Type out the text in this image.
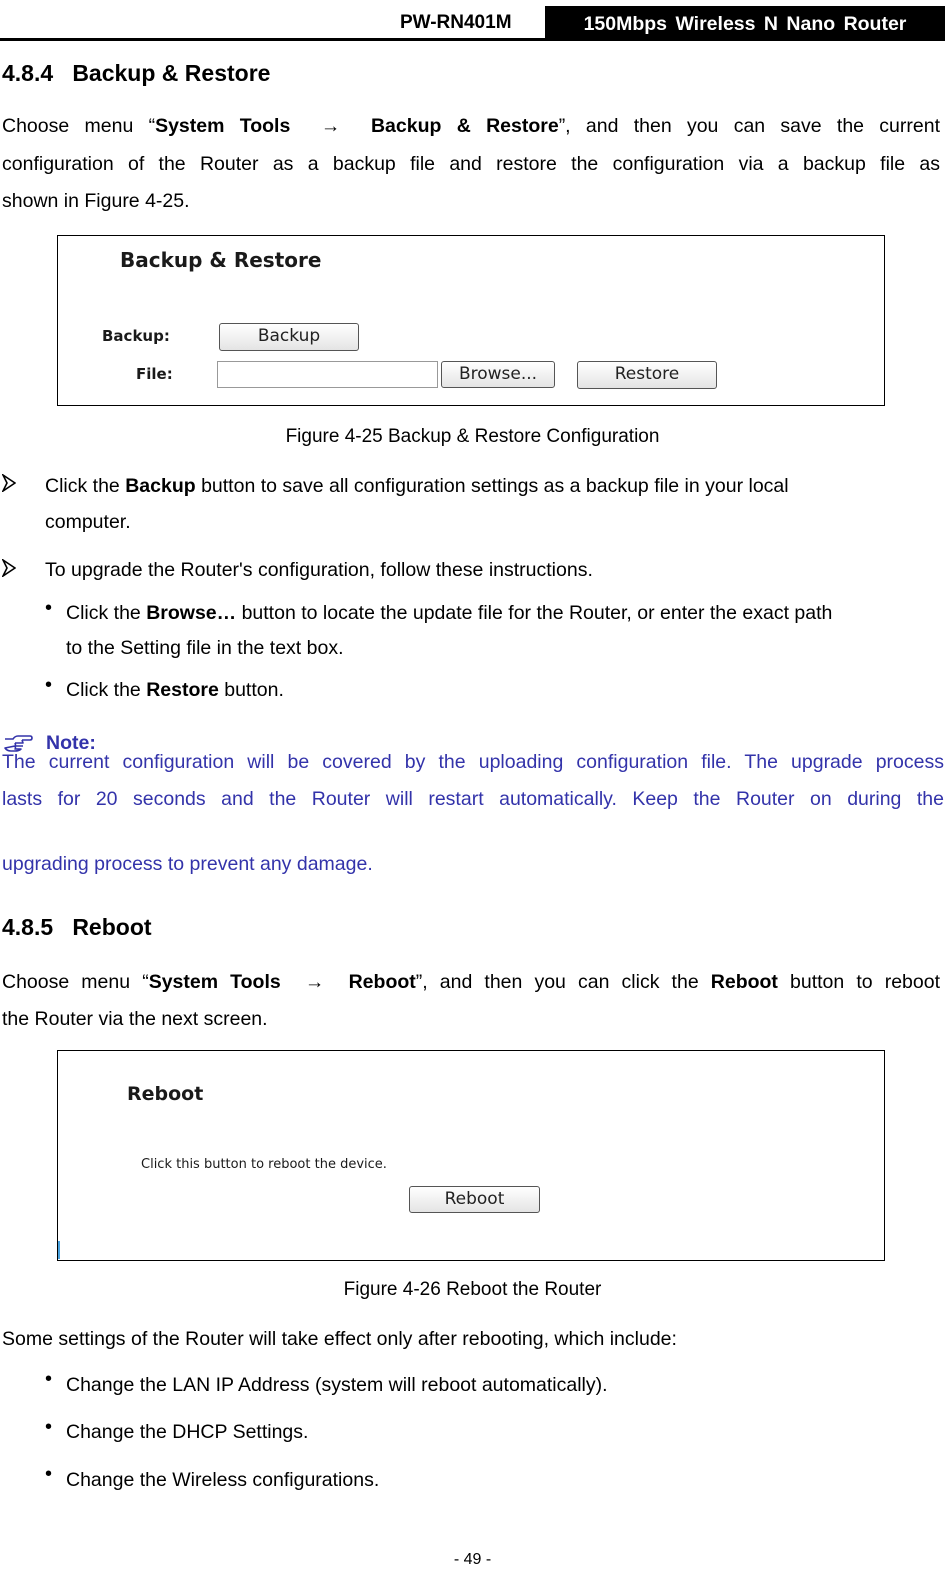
PW-RN401M	150Mbps Wireless N Nano Router
4.8.4   Backup & Restore
Choose menu “System Tools  →  Backup & Restore”, and then you can save the current
configuration of the Router as a backup file and restore the configuration via a backup file as
shown in Figure 4-25.
Backup & Restore
Backup:
File:
Backup
Browse...	Restore
Figure 4-25 Backup & Restore Configuration
Click the Backup button to save all configuration settings as a backup file in your local
computer.
To upgrade the Router's configuration, follow these instructions.
• Click the Browse… button to locate the update file for the Router, or enter the exact path
to the Setting file in the text box.
• Click the Restore button.
Note:
The current configuration will be covered by the uploading configuration file. The upgrade process
lasts for 20 seconds and the Router will restart automatically. Keep the Router on during the
upgrading process to prevent any damage.
4.8.5   Reboot
Choose menu “System Tools  →  Reboot”, and then you can click the Reboot button to reboot
the Router via the next screen.
Reboot
Click this button to reboot the device.
Reboot
Figure 4-26 Reboot the Router
Some settings of the Router will take effect only after rebooting, which include:
• Change the LAN IP Address (system will reboot automatically).
• Change the DHCP Settings.
• Change the Wireless configurations.
- 49 -
